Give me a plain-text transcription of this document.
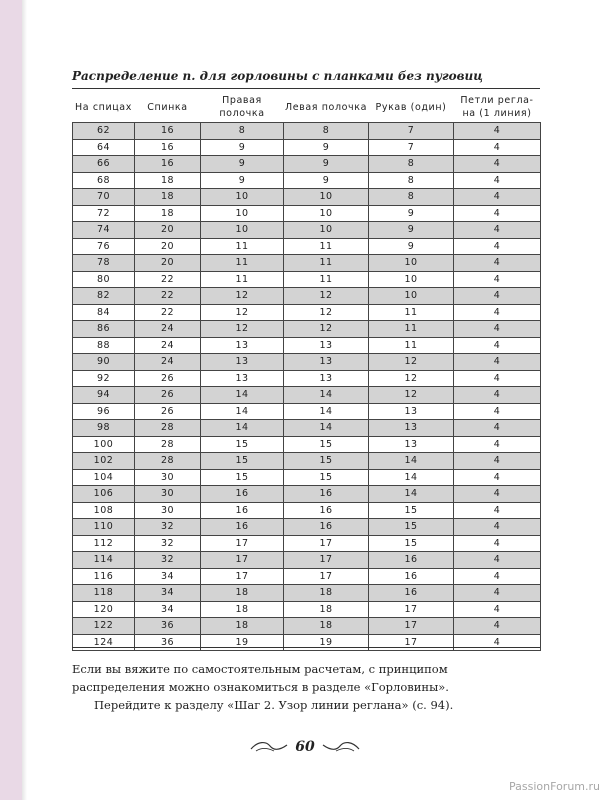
Распределение п. для горловины с планками без пуговиц
На спицах	Спинка	Правая полочка	Левая полочка	Рукав (один)	Петли регла- на (1 линия)
62	16	8	8	7	4
64	16	9	9	7	4
66	16	9	9	8	4
68	18	9	9	8	4
70	18	10	10	8	4
72	18	10	10	9	4
74	20	10	10	9	4
76	20	11	11	9	4
78	20	11	11	10	4
80	22	11	11	10	4
82	22	12	12	10	4
84	22	12	12	11	4
86	24	12	12	11	4
88	24	13	13	11	4
90	24	13	13	12	4
92	26	13	13	12	4
94	26	14	14	12	4
96	26	14	14	13	4
98	28	14	14	13	4
100	28	15	15	13	4
102	28	15	15	14	4
104	30	15	15	14	4
106	30	16	16	14	4
108	30	16	16	15	4
110	32	16	16	15	4
112	32	17	17	15	4
114	32	17	17	16	4
116	34	17	17	16	4
118	34	18	18	16	4
120	34	18	18	17	4
122	36	18	18	17	4
124	36	19	19	17	4
Если вы вяжите по самостоятельным расчетам, с принципом распределения можно ознакомиться в разделе «Горловины».
Перейдите к разделу «Шаг 2. Узор линии реглана» (с. 94).
60
PassionForum.ru
